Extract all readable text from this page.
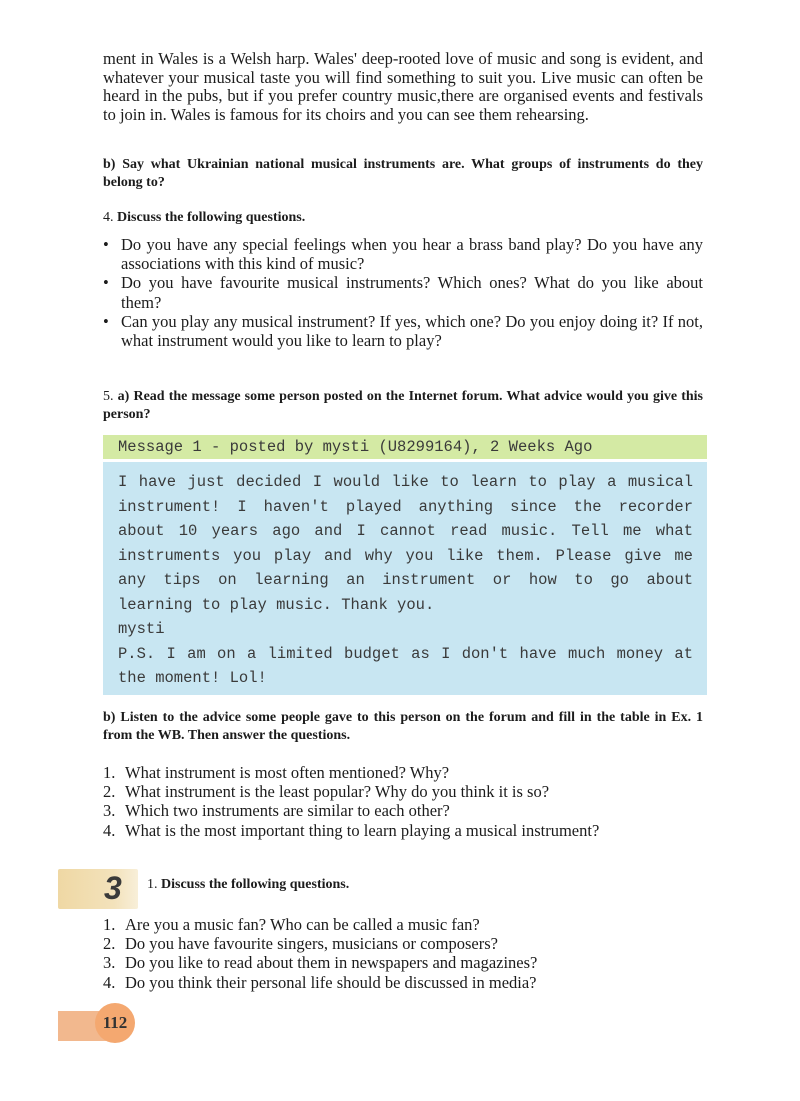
ment in Wales is a Welsh harp. Wales' deep-rooted love of music and song is evident, and whatever your musical taste you will find something to suit you. Live music can often be heard in the pubs, but if you prefer country music,there are organised events and festivals to join in. Wales is famous for its choirs and you can see them rehearsing.

b) Say what Ukrainian national musical instruments are. What groups of instruments do they belong to?

4. Discuss the following questions.

• Do you have any special feelings when you hear a brass band play? Do you have any associations with this kind of music?
• Do you have favourite musical instruments? Which ones? What do you like about them?
• Can you play any musical instrument? If yes, which one? Do you enjoy doing it? If not, what instrument would you like to learn to play?

5. a) Read the message some person posted on the Internet forum. What advice would you give this person?

Message 1 - posted by mysti (U8299164), 2 Weeks Ago

I have just decided I would like to learn to play a musical instrument! I haven't played anything since the recorder about 10 years ago and I cannot read music. Tell me what instruments you play and why you like them. Please give me any tips on learning an instrument or how to go about learning to play music. Thank you.

mysti

P.S. I am on a limited budget as I don't have much money at the moment! Lol!

b) Listen to the advice some people gave to this person on the forum and fill in the table in Ex. 1 from the WB. Then answer the questions.

1. What instrument is most often mentioned? Why?
2. What instrument is the least popular? Why do you think it is so?
3. Which two instruments are similar to each other?
4. What is the most important thing to learn playing a musical instrument?
3 1. Discuss the following questions.

1. Are you a music fan? Who can be called a music fan?
2. Do you have favourite singers, musicians or composers?
3. Do you like to read about them in newspapers and magazines?
4. Do you think their personal life should be discussed in media?
112
